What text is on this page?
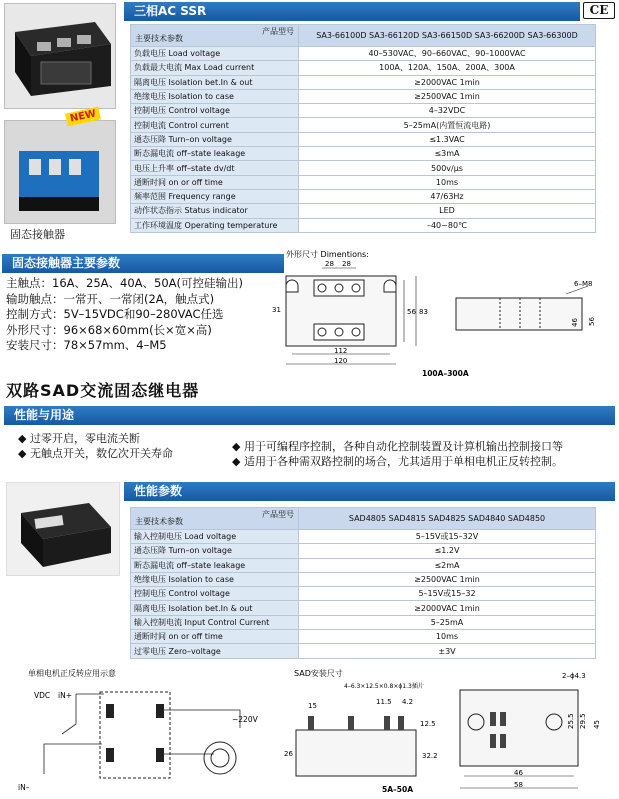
三相AC SSR	CE
NEW
固态接触器
产品型号
主要技术参数	SA3-66100D SA3-66120D SA3-66150D SA3-66200D SA3-66300D
负载电压 Load voltage	40–530VAC、90–660VAC、90–1000VAC
负载最大电流 Max Load current	100A、120A、150A、200A、300A
隔离电压 Isolation bet.In & out	≥2000VAC 1min
绝缘电压 Isolation to case	≥2500VAC 1min
控制电压 Control voltage	4–32VDC
控制电流 Control current	5–25mA(内置恒流电路)
通态压降 Turn–on voltage	≤1.3VAC
断态漏电流 off–state leakage	≤3mA
电压上升率 off–state dv/dt	500v/μs
通断时间 on or off time	10ms
频率范围 Frequency range	47/63Hz
动作状态指示 Status indicator	LED
工作环境温度 Operating temperature	–40~80℃
固态接触器主要参数
主触点：16A、25A、40A、50A(可控硅输出)
输助触点：一常开、一常闭(2A，触点式)
控制方式：5V–15VDC和90–280VAC任选
外形尺寸：96×68×60mm(长×宽×高)
安装尺寸：78×57mm、4–M5
外形尺寸 Dimentions:
28 28
31	56 83
112
120
6–M8
46 56
100A–300A
双路SAD交流固态继电器
性能与用途
◆ 过零开启，零电流关断
◆ 无触点开关，数亿次开关寿命
◆ 用于可编程序控制，各种自动化控制装置及计算机输出控制接口等
◆ 适用于各种需双路控制的场合，尤其适用于单相电机正反转控制。
性能参数
产品型号
主要技术参数	SAD4805 SAD4815 SAD4825 SAD4840 SAD4850
输入控制电压 Load voltage	5–15V或15–32V
通态压降 Turn–on voltage	≤1.2V
断态漏电流 off–state leakage	≤2mA
绝缘电压 Isolation to case	≥2500VAC 1min
控制电压 Control voltage	5–15V或15–32
隔离电压 Isolation bet.In & out	≥2000VAC 1min
输入控制电流 Input Control Current	5–25mA
通断时间 on or off time	10ms
过零电压 Zero–voltage	±3V
单相电机正反转应用示意
VDC iN+
iN–
~220V
SAD安装尺寸
4–6.3×12.5×0.8×ϕ1.3插片
15	11.5 4.2
12.5
32.2
26
5A–50A
2–ϕ4.3
25.5 29.5 45
46
58
